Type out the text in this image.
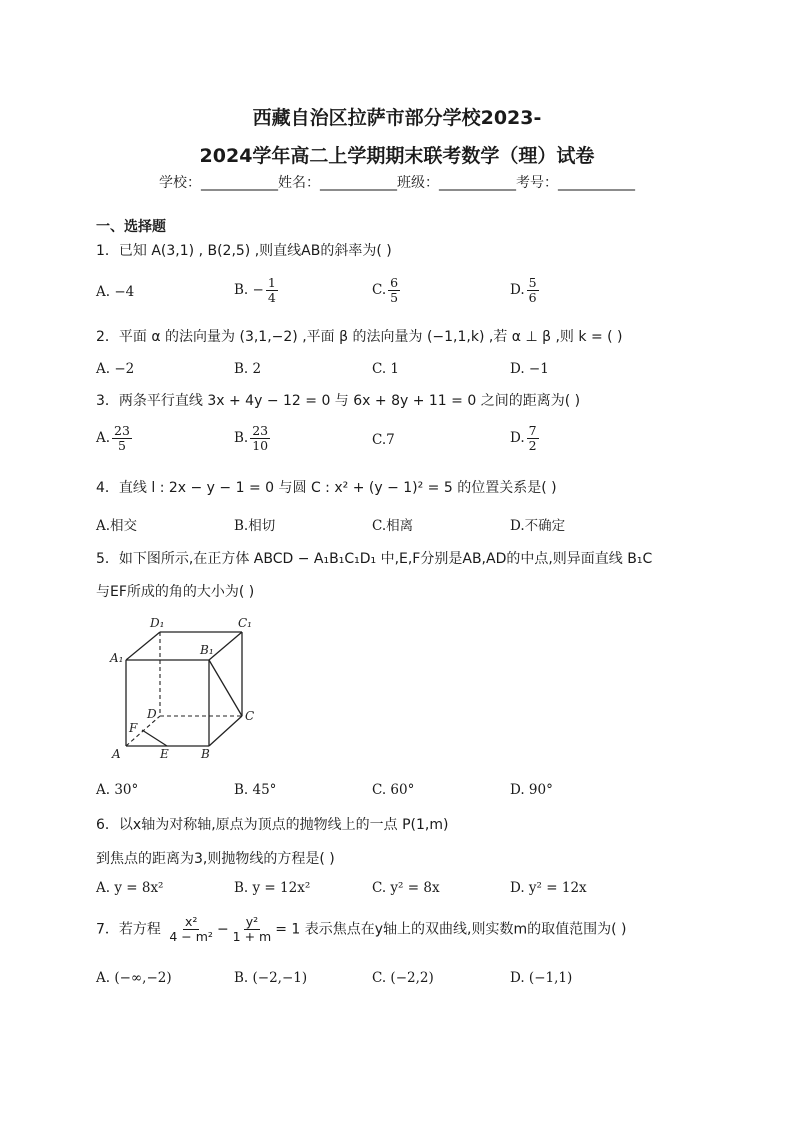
西藏自治区拉萨市部分学校2023-
2024学年高二上学期期末联考数学（理）试卷
学校：___________姓名：___________班级：___________考号：___________
一、选择题
1．已知 A(3,1) , B(2,5) ,则直线AB的斜率为( )
A. −4	B. − $\frac{1}{4}$	C. $\frac{6}{5}$	D. $\frac{5}{6}$
2．平面 α 的法向量为 (3,1,−2) ,平面 β 的法向量为 (−1,1,k) ,若 α ⊥ β ,则 k = ( )
A. −2	B. 2	C. 1	D. −1
3．两条平行直线 3x + 4y − 12 = 0 与 6x + 8y + 11 = 0 之间的距离为( )
A. $\frac{23}{5}$	B. $\frac{23}{10}$	C.7	D. $\frac{7}{2}$
4．直线 l : 2x − y − 1 = 0 与圆 C : x² + (y − 1)² = 5 的位置关系是( )
A.相交	B.相切	C.相离	D.不确定
5．如下图所示,在正方体 ABCD − A₁B₁C₁D₁ 中,E,F分别是AB,AD的中点,则异面直线 B₁C
与EF所成的角的大小为( )
D₁	C₁
A₁
B₁
D	C
F
A	E	B
A. 30°	B. 45°	C. 60°	D. 90°
6．以x轴为对称轴,原点为顶点的抛物线上的一点 P(1,m)
到焦点的距离为3,则抛物线的方程是( )
A. y = 8x²	B. y = 12x²	C. y² = 8x	D. y² = 12x
7．若方程 $\frac{\text{x²}}{\text{4 − m²}} - \frac{\text{y²}}{1 + m} = 1$ 表示焦点在y轴上的双曲线,则实数m的取值范围为( )
A. (−∞,−2)	B. (−2,−1)	C. (−2,2)	D. (−1,1)
